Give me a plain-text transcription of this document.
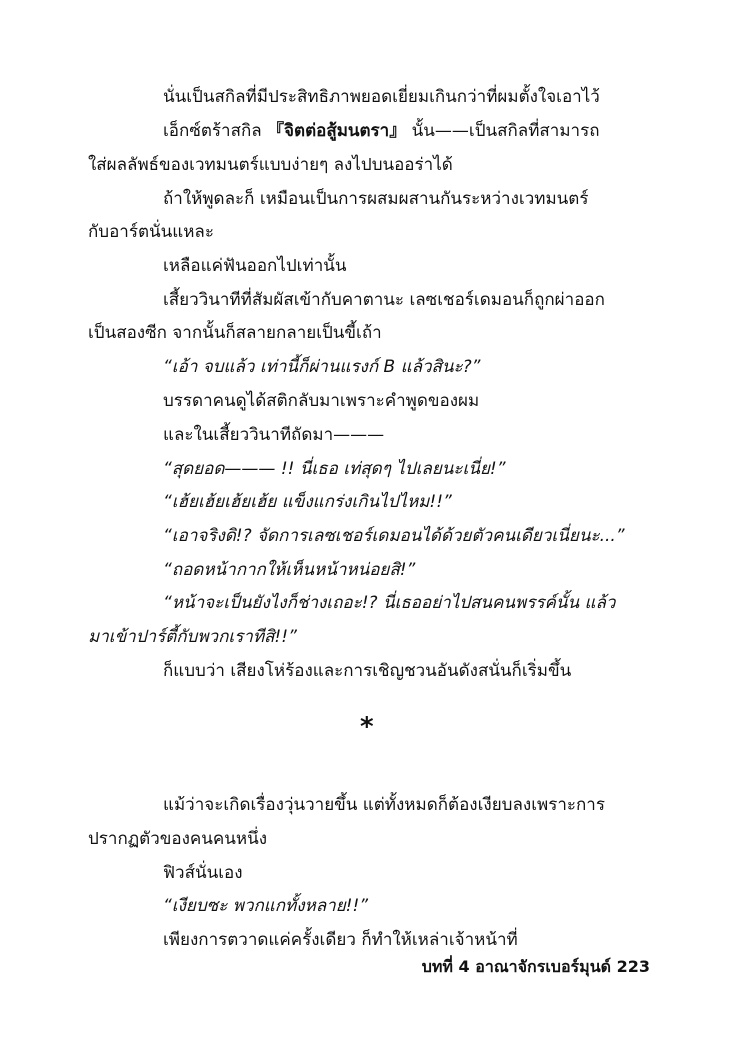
นั่นเป็นสกิลที่มีประสิทธิภาพยอดเยี่ยมเกินกว่าที่ผมตั้งใจเอาไว้
เอ็กซ์ตร้าสกิล 『จิตต่อสู้มนตรา』 นั้น——เป็นสกิลที่สามารถ
ใส่ผลลัพธ์ของเวทมนตร์แบบง่ายๆ ลงไปบนออร่าได้
ถ้าให้พูดละก็ เหมือนเป็นการผสมผสานกันระหว่างเวทมนตร์
กับอาร์ตนั่นแหละ
เหลือแค่ฟันออกไปเท่านั้น
เสี้ยววินาทีที่สัมผัสเข้ากับคาตานะ เลซเชอร์เดมอนก็ถูกผ่าออก
เป็นสองซีก จากนั้นก็สลายกลายเป็นขี้เถ้า
“เอ้า จบแล้ว เท่านี้ก็ผ่านแรงก์ B แล้วสินะ?”
บรรดาคนดูได้สติกลับมาเพราะคำพูดของผม
และในเสี้ยววินาทีถัดมา———
“สุดยอด——— !! นี่เธอ เท่สุดๆ ไปเลยนะเนี่ย!”
“เฮ้ยเฮ้ยเฮ้ยเฮ้ย แข็งแกร่งเกินไปไหม!!”
“เอาจริงดิ!? จัดการเลซเชอร์เดมอนได้ด้วยตัวคนเดียวเนี่ยนะ...”
“ถอดหน้ากากให้เห็นหน้าหน่อยสิ!”
“หน้าจะเป็นยังไงก็ช่างเถอะ!? นี่เธออย่าไปสนคนพรรค์นั้น แล้ว
มาเข้าปาร์ตี้กับพวกเราทีสิ!!”
ก็แบบว่า เสียงโห่ร้องและการเชิญชวนอันดังสนั่นก็เริ่มขึ้น
*
แม้ว่าจะเกิดเรื่องวุ่นวายขึ้น แต่ทั้งหมดก็ต้องเงียบลงเพราะการ
ปรากฏตัวของคนคนหนึ่ง
ฟิวส์นั่นเอง
“เงียบซะ พวกแกทั้งหลาย!!”
เพียงการตวาดแค่ครั้งเดียว ก็ทำให้เหล่าเจ้าหน้าที่
บทที่ 4 อาณาจักรเบอร์มุนด์ 223
